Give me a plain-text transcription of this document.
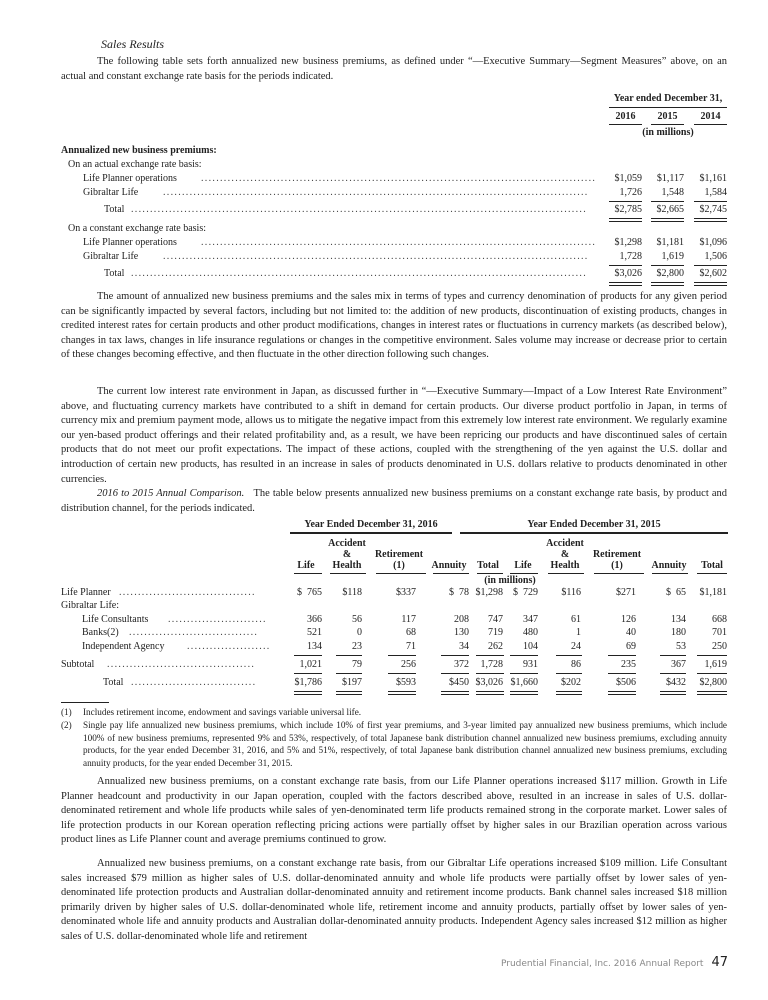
Sales Results
The following table sets forth annualized new business premiums, as defined under “—Executive Summary—Segment Measures” above, on an actual and constant exchange rate basis for the periods indicated.
Year ended December 31,
2016	2015	2014
(in millions)
Annualized new business premiums:
On an actual exchange rate basis:
Life Planner operations ........................................................................................................	$1,059	$1,117	$1,161
Gibraltar Life ................................................................................................................	1,726	1,548	1,584
Total ........................................................................................................................	$2,785	$2,665	$2,745
On a constant exchange rate basis:
Life Planner operations ........................................................................................................	$1,298	$1,181	$1,096
Gibraltar Life ................................................................................................................	1,728	1,619	1,506
Total ........................................................................................................................	$3,026	$2,800	$2,602
The amount of annualized new business premiums and the sales mix in terms of types and currency denomination of products for any given period can be significantly impacted by several factors, including but not limited to: the addition of new products, discontinuation of existing products, changes in credited interest rates for certain products and other product modifications, changes in interest rates or fluctuations in currency markets (as described below), changes in tax laws, changes in life insurance regulations or changes in the competitive environment. Sales volume may increase or decrease prior to certain of these changes becoming effective, and then fluctuate in the other direction following such changes.
The current low interest rate environment in Japan, as discussed further in “—Executive Summary—Impact of a Low Interest Rate Environment” above, and fluctuating currency markets have contributed to a shift in demand for certain products. Our diverse product portfolio in Japan, in terms of currency mix and premium payment mode, allows us to mitigate the negative impact from this extremely low interest rate environment. We regularly examine our yen-based product offerings and their related profitability and, as a result, we have been repricing our products and have discontinued sales of certain products that do not meet our profit expectations. The impact of these actions, coupled with the strengthening of the yen against the U.S. dollar and introduction of certain new products, has resulted in an increase in sales of products denominated in U.S. dollars relative to products denominated in other currencies.
2016 to 2015 Annual Comparison. The table below presents annualized new business premiums on a constant exchange rate basis, by product and distribution channel, for the periods indicated.
Year Ended December 31, 2016	Year Ended December 31, 2015
Life
Accident & Health
Retirement (1)	Annuity	Total	Life
Accident & Health
Retirement (1)	Annuity	Total
(in millions)
Life Planner ....................................	$  765	$118	$337	$  78 $1,298	$  729	$116	$271	$  65	$1,181
Gibraltar Life:
Life Consultants ..........................	366	56	117	208	747	347	61	126	134	668
Banks(2) ..................................	521	0	68	130	719	480	1	40	180	701
Independent Agency ......................	134	23	71	34	262	104	24	69	53	250
Subtotal .......................................	1,021	79	256	372	1,728	931	86	235	367	1,619
Total .................................	$1,786	$197	$593	$450 $3,026 $1,660	$202	$506	$432	$2,800
(1) Includes retirement income, endowment and savings variable universal life.
(2) Single pay life annualized new business premiums, which include 10% of first year premiums, and 3-year limited pay annualized new business premiums, which include 100% of new business premiums, represented 9% and 53%, respectively, of total Japanese bank distribution channel annualized new business premiums, excluding annuity products, for the year ended December 31, 2016, and 5% and 51%, respectively, of total Japanese bank distribution channel annualized new business premiums, excluding annuity products, for the year ended December 31, 2015.
Annualized new business premiums, on a constant exchange rate basis, from our Life Planner operations increased $117 million. Growth in Life Planner headcount and productivity in our Japan operation, coupled with the factors described above, resulted in an increase in sales of U.S. dollar-denominated retirement and whole life products while sales of yen-denominated term life products remained strong in the corporate market. Lower sales of life protection products in our Korean operation reflecting pricing actions were partially offset by higher sales in our Brazilian operation across various product lines as Life Planner count and average premiums continued to grow.
Annualized new business premiums, on a constant exchange rate basis, from our Gibraltar Life operations increased $109 million. Life Consultant sales increased $79 million as higher sales of U.S. dollar-denominated annuity and whole life products were partially offset by lower sales of yen-denominated life protection products and Australian dollar-denominated annuity and retirement income products. Bank channel sales increased $18 million primarily driven by higher sales of U.S. dollar-denominated whole life, retirement income and annuity products, partially offset by lower sales of yen-denominated whole life and annuity products and Australian dollar-denominated annuity products. Independent Agency sales increased $12 million as higher sales of U.S. dollar-denominated whole life and retirement
Prudential Financial, Inc. 2016 Annual Report 47
